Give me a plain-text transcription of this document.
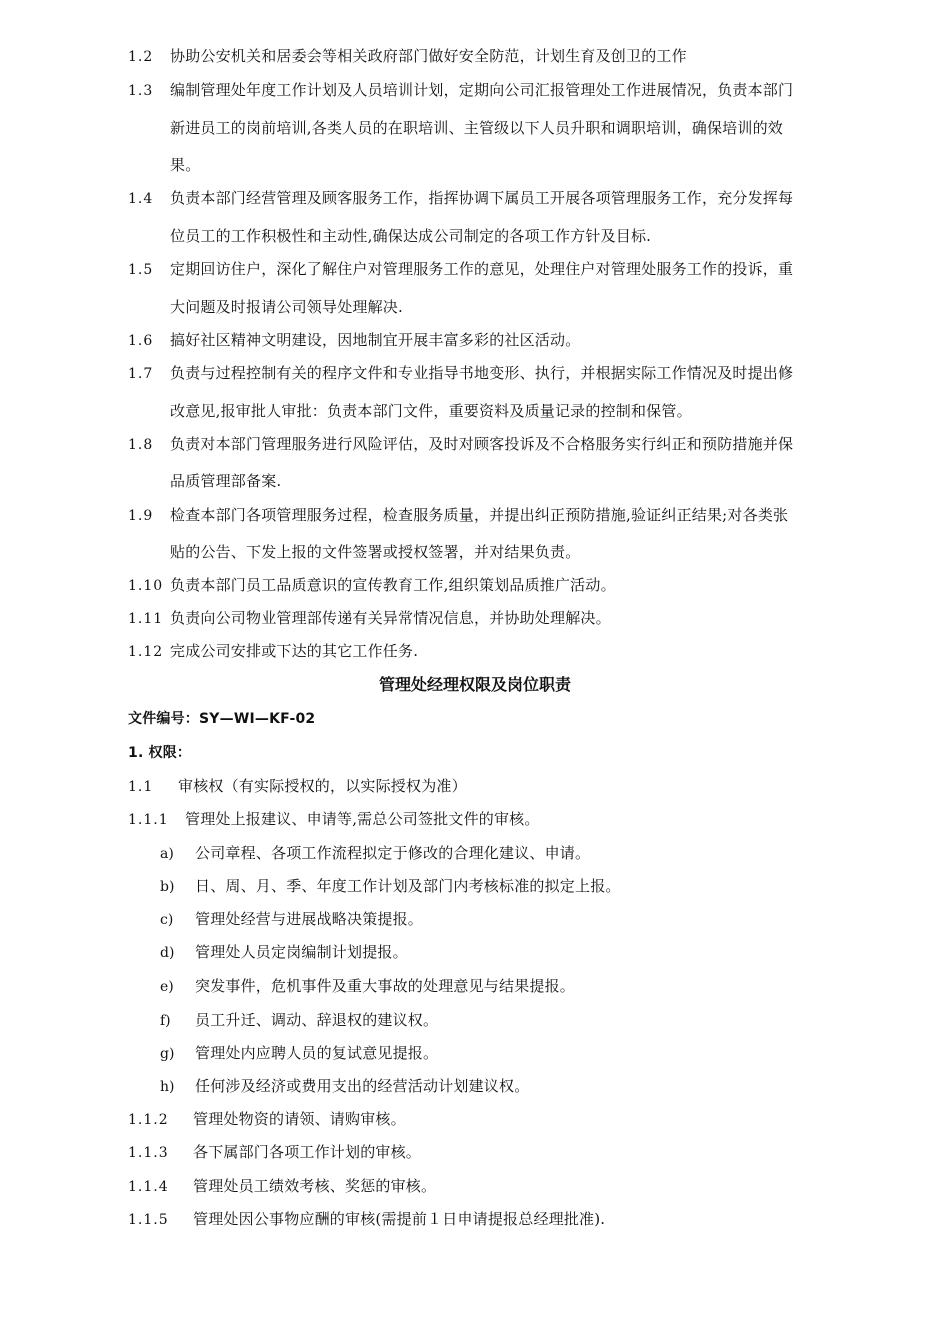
1.2 协助公安机关和居委会等相关政府部门做好安全防范，计划生育及创卫的工作
1.3 编制管理处年度工作计划及人员培训计划，定期向公司汇报管理处工作进展情况，负责本部门
新进员工的岗前培训,各类人员的在职培训、主管级以下人员升职和调职培训，确保培训的效
果。
1.4 负责本部门经营管理及顾客服务工作，指挥协调下属员工开展各项管理服务工作，充分发挥每
位员工的工作积极性和主动性,确保达成公司制定的各项工作方针及目标.
1.5 定期回访住户，深化了解住户对管理服务工作的意见，处理住户对管理处服务工作的投诉，重
大问题及时报请公司领导处理解决.
1.6 搞好社区精神文明建设，因地制宜开展丰富多彩的社区活动。
1.7 负责与过程控制有关的程序文件和专业指导书地变形、执行，并根据实际工作情况及时提出修
改意见,报审批人审批：负责本部门文件，重要资料及质量记录的控制和保管。
1.8 负责对本部门管理服务进行风险评估，及时对顾客投诉及不合格服务实行纠正和预防措施并保
品质管理部备案.
1.9 检查本部门各项管理服务过程，检查服务质量，并提出纠正预防措施,验证纠正结果;对各类张
贴的公告、下发上报的文件签署或授权签署，并对结果负责。
1.10 负责本部门员工品质意识的宣传教育工作,组织策划品质推广活动。
1.11 负责向公司物业管理部传递有关异常情况信息，并协助处理解决。
1.12 完成公司安排或下达的其它工作任务.
管理处经理权限及岗位职责
文件编号：SY—WI—KF-02
1. 权限：
1.1 审核权（有实际授权的，以实际授权为准）
1.1.1 管理处上报建议、申请等,需总公司签批文件的审核。
a) 公司章程、各项工作流程拟定于修改的合理化建议、申请。
b) 日、周、月、季、年度工作计划及部门内考核标准的拟定上报。
c) 管理处经营与进展战略决策提报。
d) 管理处人员定岗编制计划提报。
e) 突发事件，危机事件及重大事故的处理意见与结果提报。
f) 员工升迁、调动、辞退权的建议权。
g) 管理处内应聘人员的复试意见提报。
h) 任何涉及经济或费用支出的经营活动计划建议权。
1.1.2 管理处物资的请领、请购审核。
1.1.3 各下属部门各项工作计划的审核。
1.1.4 管理处员工绩效考核、奖惩的审核。
1.1.5 管理处因公事物应酬的审核(需提前１日申请提报总经理批准).
